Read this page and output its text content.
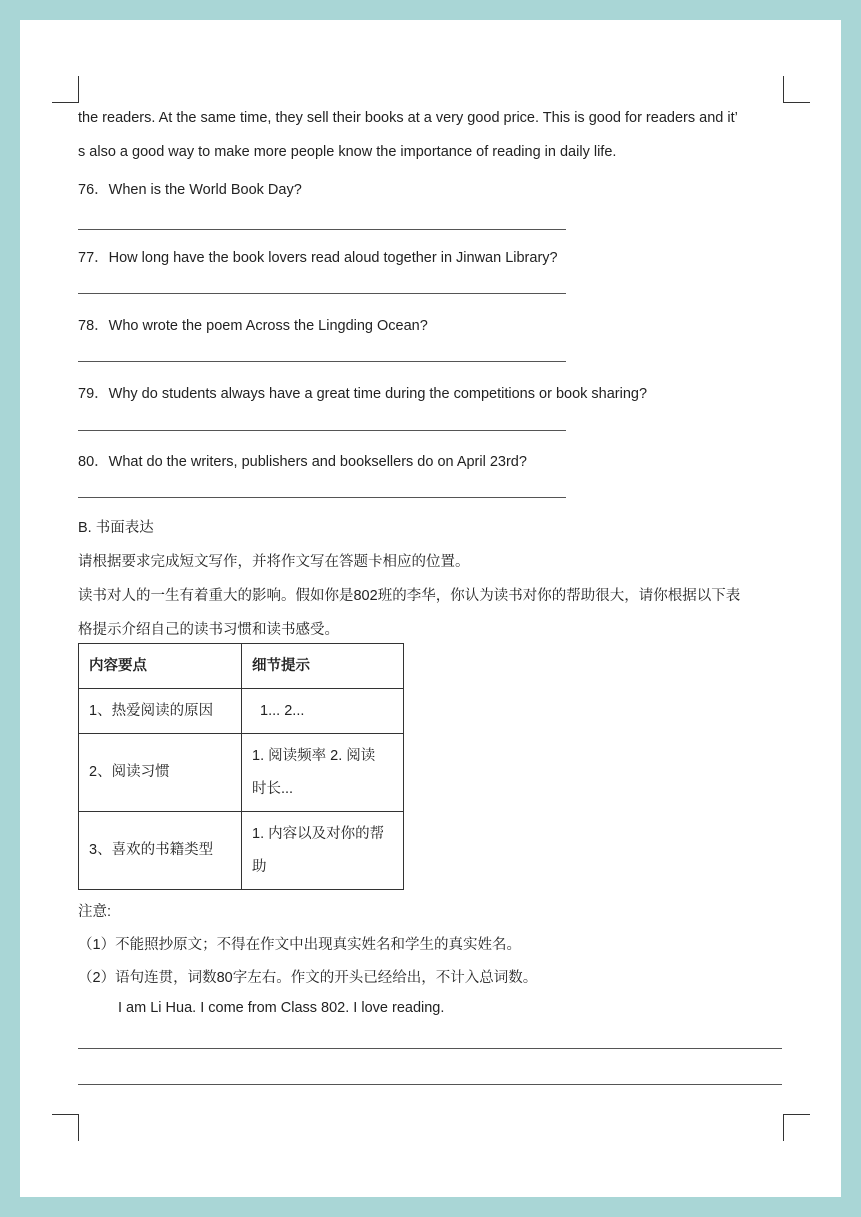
the readers. At the same time, they sell their books at a very good price. This is good for readers and it’
s also a good way to make more people know the importance of reading in daily life.
76．When is the World Book Day?
77．How long have the book lovers read aloud together in Jinwan Library?
78．Who wrote the poem Across the Lingding Ocean?
79．Why do students always have a great time during the competitions or book sharing?
80．What do the writers, publishers and booksellers do on April 23rd?
B. 书面表达
请根据要求完成短文写作，并将作文写在答题卡相应的位置。
读书对人的一生有着重大的影响。假如你是802班的李华，你认为读书对你的帮助很大，请你根据以下表
格提示介绍自己的读书习惯和读书感受。
内容要点	细节提示
1、热爱阅读的原因	1... 2...
2、阅读习惯	1. 阅读频率 2. 阅读
时长...

3、喜欢的书籍类型	1. 内容以及对你的帮
助
注意:
（1）不能照抄原文；不得在作文中出现真实姓名和学生的真实姓名。
（2）语句连贯，词数80字左右。作文的开头已经给出，不计入总词数。
I am Li Hua. I come from Class 802. I love reading.
